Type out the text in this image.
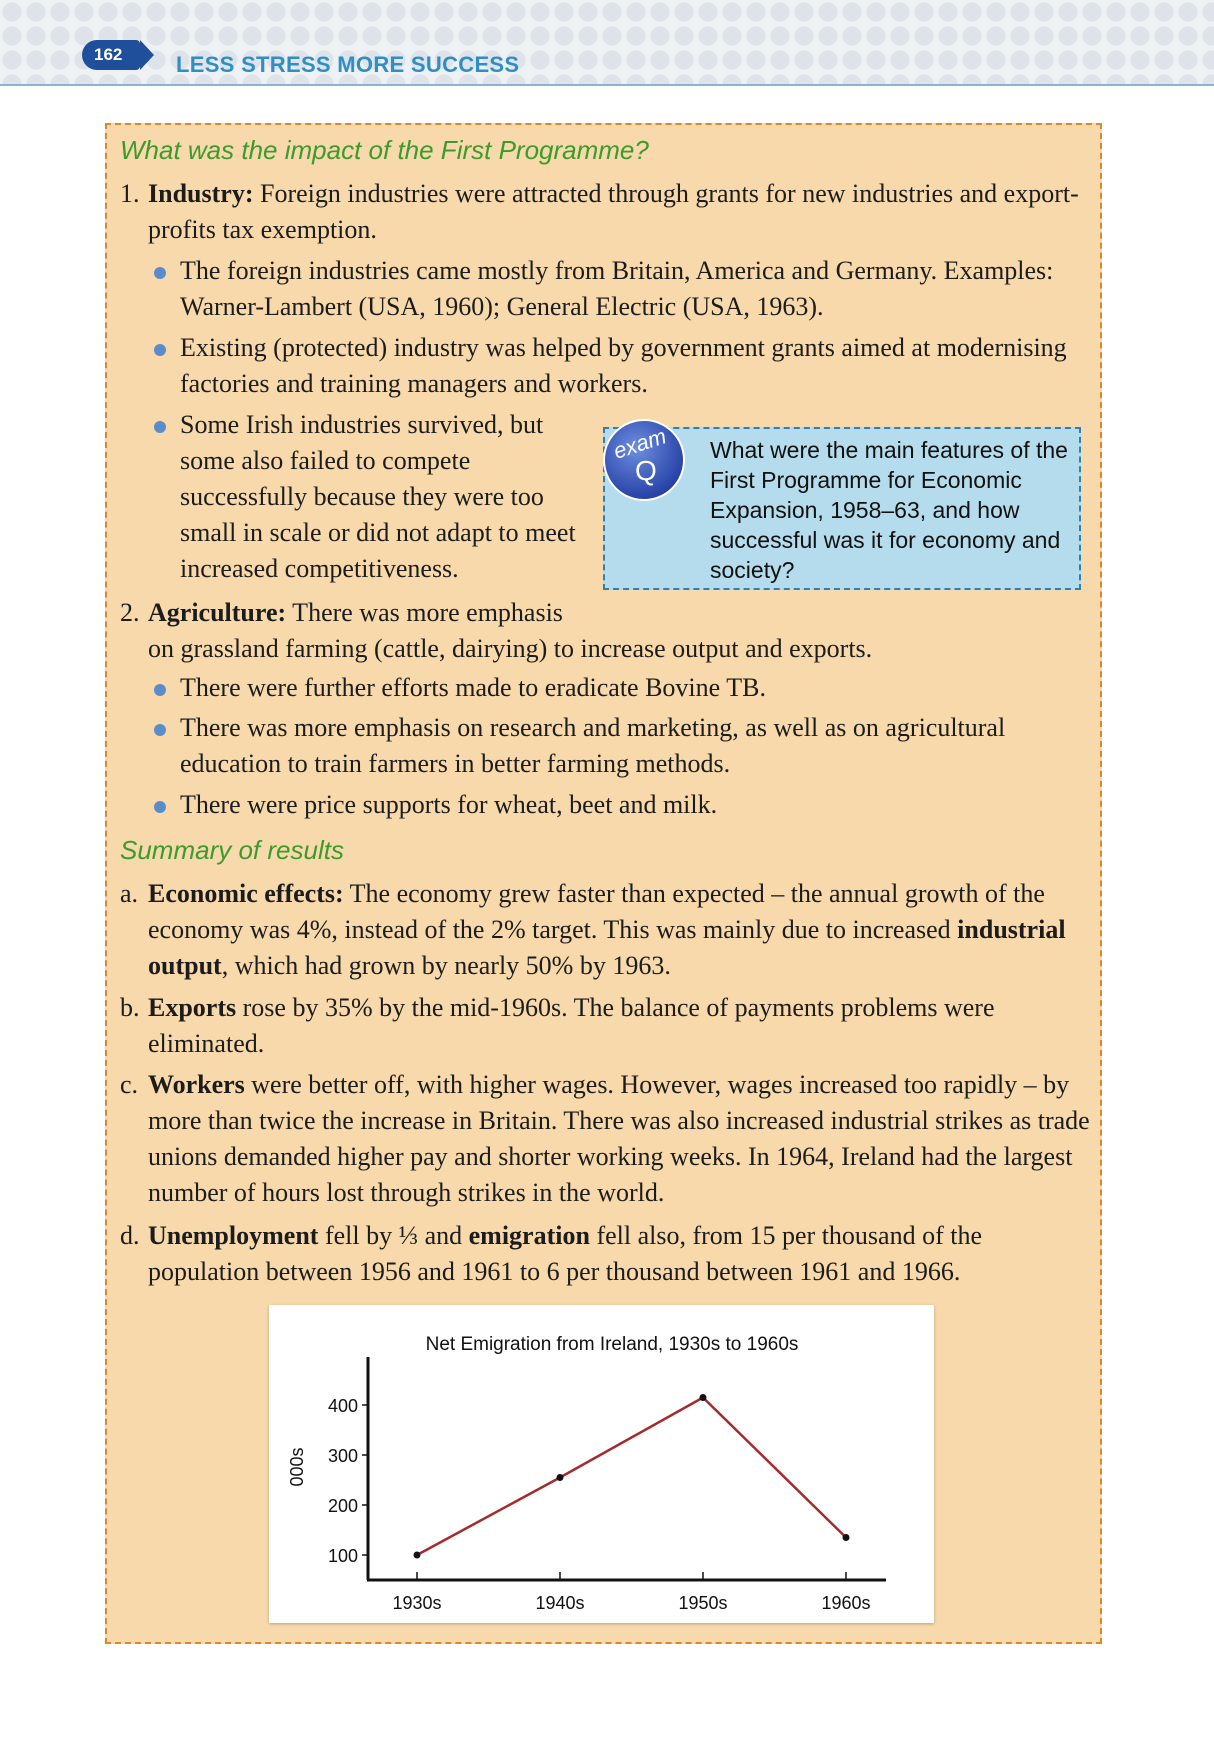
162	LESS STRESS MORE SUCCESS
What was the impact of the First Programme?
1. Industry: Foreign industries were attracted through grants for new industries and export-profits tax exemption.
The foreign industries came mostly from Britain, America and Germany. Examples: Warner-Lambert (USA, 1960); General Electric (USA, 1963).
Existing (protected) industry was helped by government grants aimed at modernising factories and training managers and workers.
Some Irish industries survived, but some also failed to compete successfully because they were too small in scale or did not adapt to meet increased competitiveness.
exam
Q
What were the main features of the First Programme for Economic Expansion, 1958–63, and how successful was it for economy and society?
2. Agriculture: There was more emphasis
on grassland farming (cattle, dairying) to increase output and exports.
There were further efforts made to eradicate Bovine TB.
There was more emphasis on research and marketing, as well as on agricultural education to train farmers in better farming methods.
There were price supports for wheat, beet and milk.
Summary of results
a. Economic effects: The economy grew faster than expected – the annual growth of the economy was 4%, instead of the 2% target. This was mainly due to increased industrial output, which had grown by nearly 50% by 1963.
b. Exports rose by 35% by the mid-1960s. The balance of payments problems were eliminated.
c. Workers were better off, with higher wages. However, wages increased too rapidly – by more than twice the increase in Britain. There was also increased industrial strikes as trade unions demanded higher pay and shorter working weeks. In 1964, Ireland had the largest number of hours lost through strikes in the world.
d. Unemployment fell by ⅓ and emigration fell also, from 15 per thousand of the population between 1956 and 1961 to 6 per thousand between 1961 and 1966.
Net Emigration from Ireland, 1930s to 1960s
100
200
300
400
000s
1930s	1940s	1950s	1960s
